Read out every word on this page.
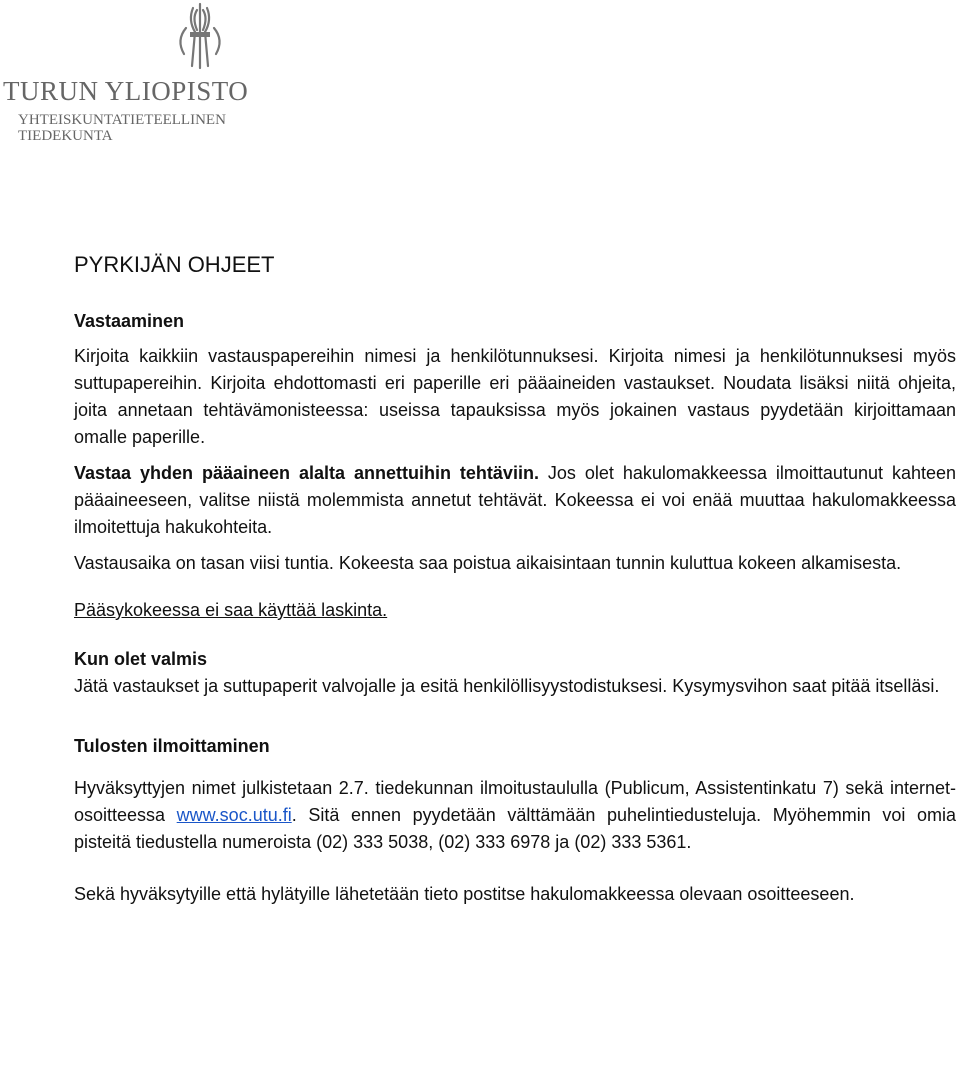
TURUN YLIOPISTO
YHTEISKUNTATIETEELLINEN
TIEDEKUNTA
PYRKIJÄN OHJEET
Vastaaminen

Kirjoita kaikkiin vastauspapereihin nimesi ja henkilötunnuksesi. Kirjoita nimesi ja henkilötunnuksesi myös suttupapereihin. Kirjoita ehdottomasti eri paperille eri pääaineiden vastaukset. Noudata lisäksi niitä ohjeita, joita annetaan tehtävämonisteessa: useissa tapauksissa myös jokainen vastaus pyydetään kirjoittamaan omalle paperille.

Vastaa yhden pääaineen alalta annettuihin tehtäviin. Jos olet hakulomakkeessa ilmoittautunut kahteen pääaineeseen, valitse niistä molemmista annetut tehtävät. Kokeessa ei voi enää muuttaa hakulomakkeessa ilmoitettuja hakukohteita.

Vastausaika on tasan viisi tuntia. Kokeesta saa poistua aikaisintaan tunnin kuluttua kokeen alkamisesta.

Pääsykokeessa ei saa käyttää laskinta.

Kun olet valmis

Jätä vastaukset ja suttupaperit valvojalle ja esitä henkilöllisyystodistuksesi. Kysymysvihon saat pitää itselläsi.

Tulosten ilmoittaminen

Hyväksyttyjen nimet julkistetaan 2.7. tiedekunnan ilmoitustaululla (Publicum, Assistentinkatu 7) sekä internet-osoitteessa www.soc.utu.fi. Sitä ennen pyydetään välttämään puhelintiedusteluja. Myöhemmin voi omia pisteitä tiedustella numeroista (02) 333 5038, (02) 333 6978 ja (02) 333 5361.

Sekä hyväksytyille että hylätyille lähetetään tieto postitse hakulomakkeessa olevaan osoitteeseen.
